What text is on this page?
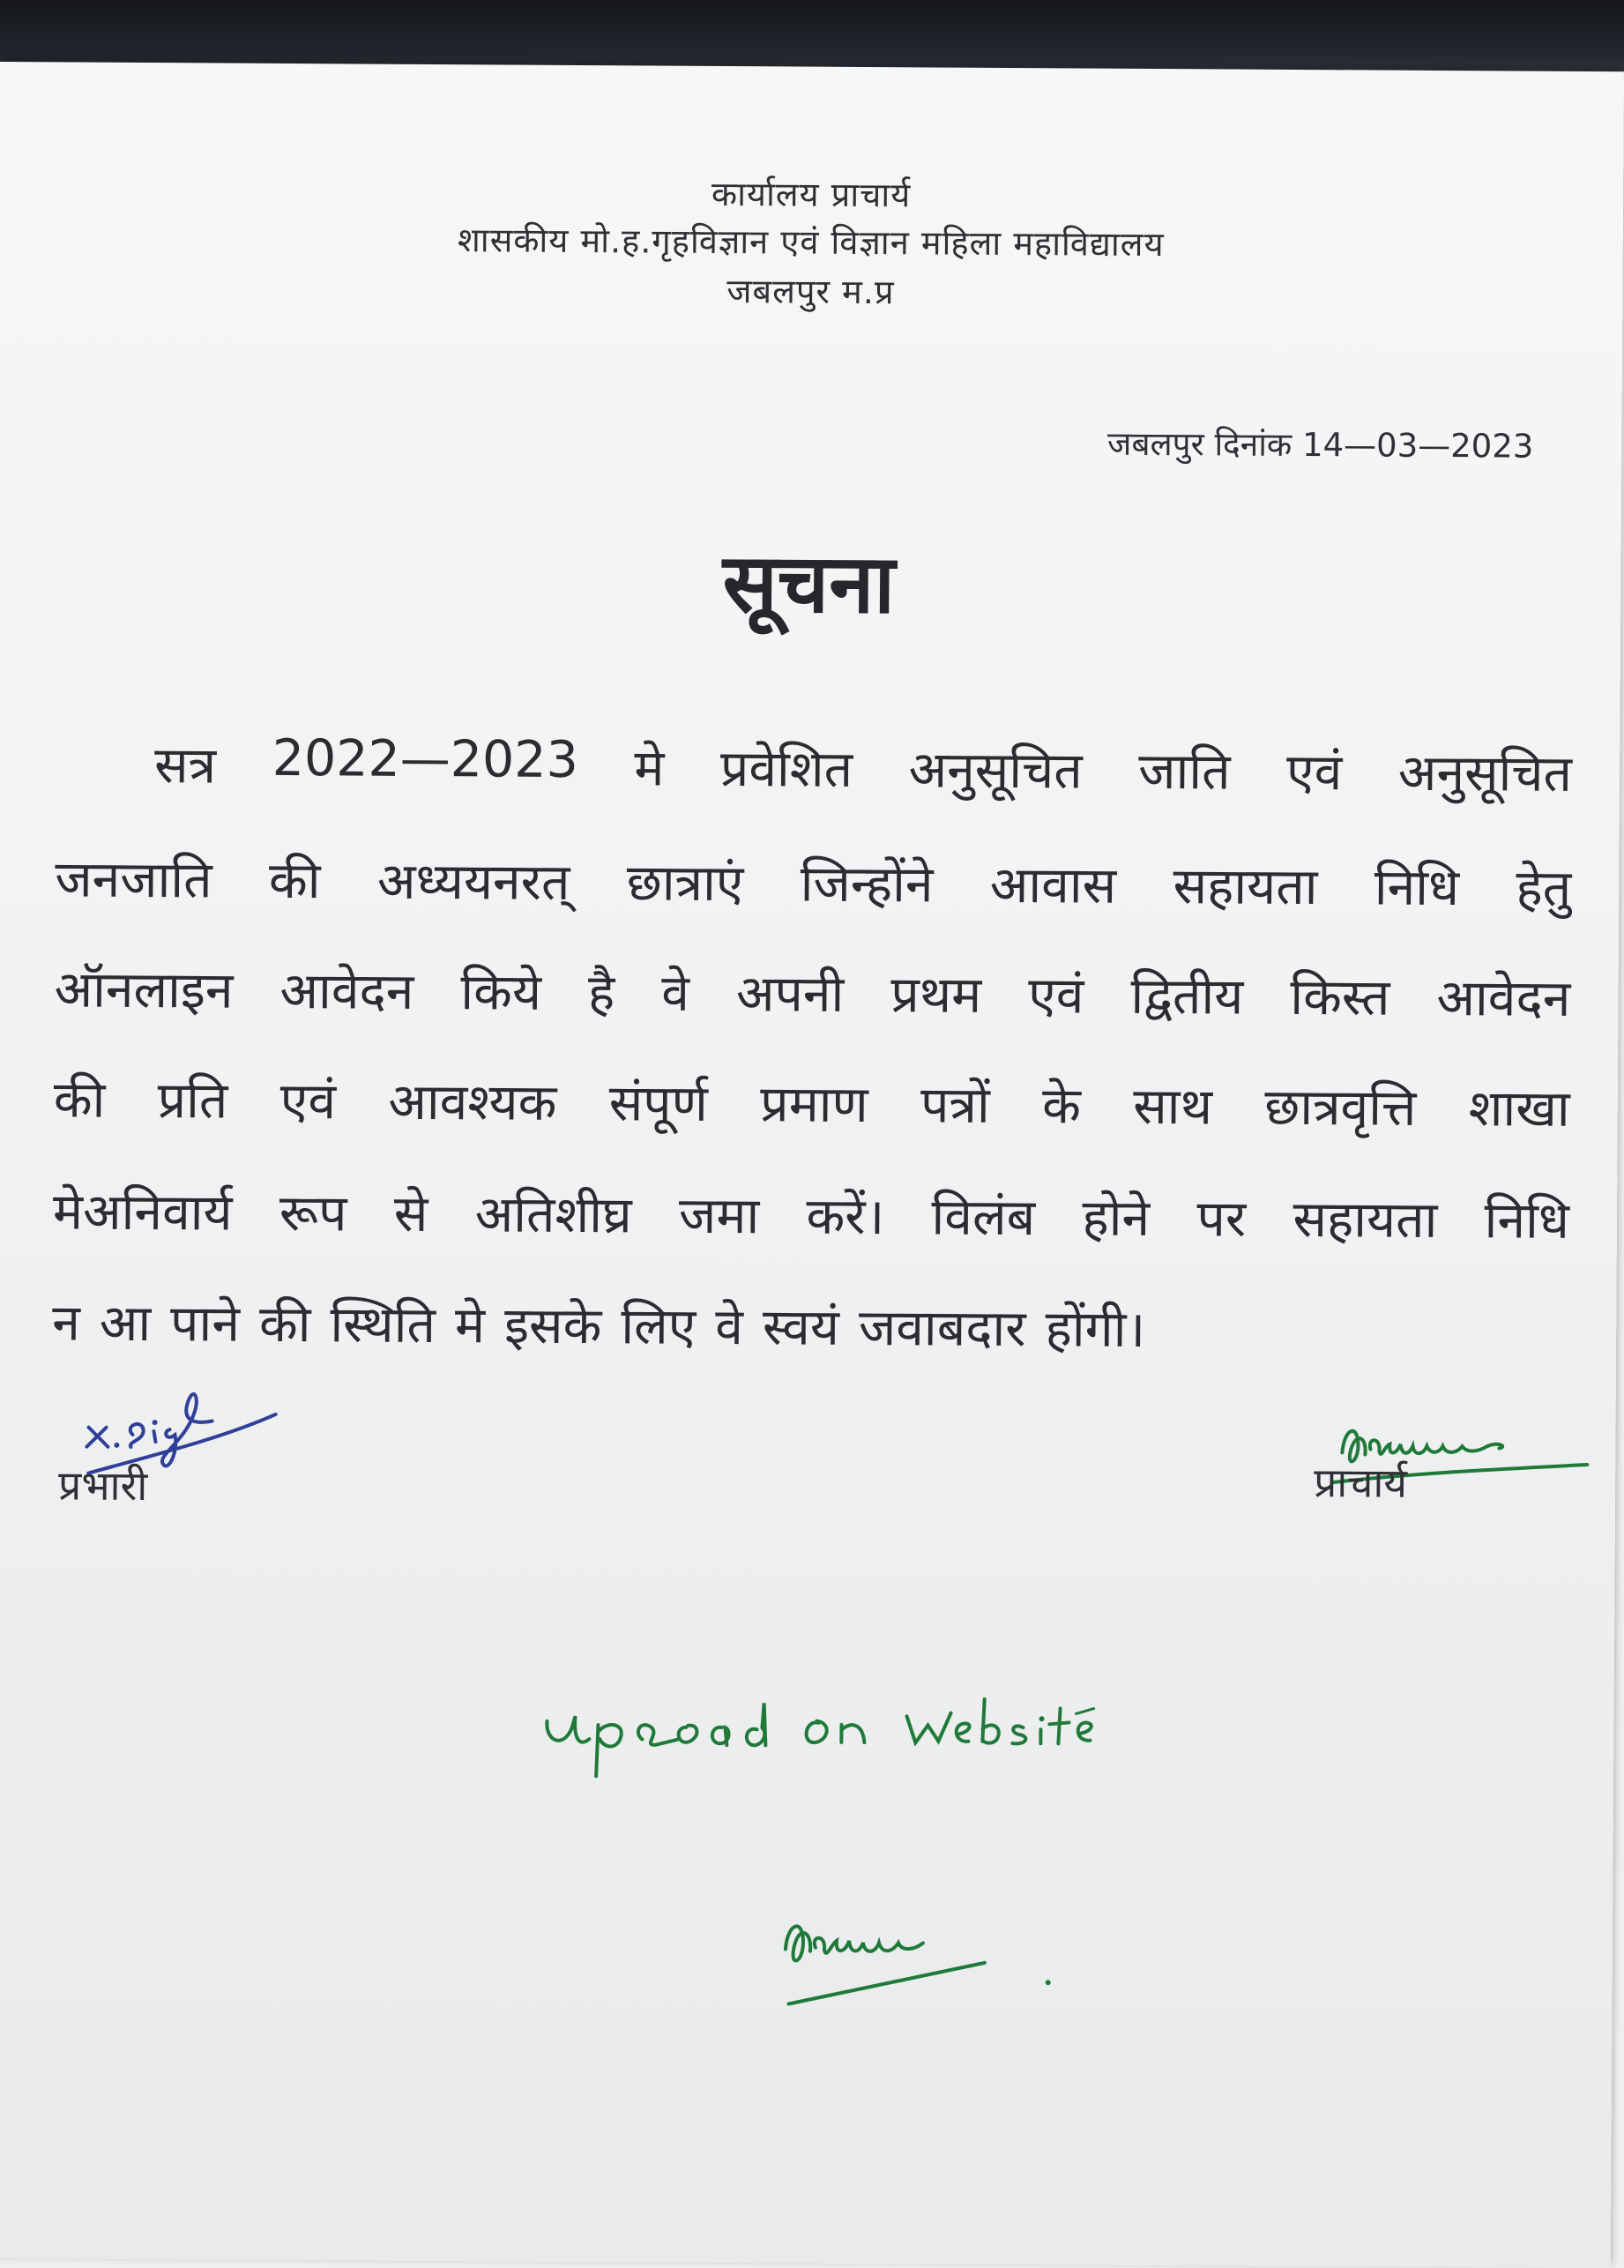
कार्यालय प्राचार्य
शासकीय मो.ह.गृहविज्ञान एवं विज्ञान महिला महाविद्यालय
जबलपुर म.प्र
जबलपुर दिनांक 14—03—2023
सूचना
सत्र 2022—2023 मे प्रवेशित अनुसूचित जाति एवं अनुसूचित
जनजाति की अध्ययनरत् छात्राएं जिन्होंने आवास सहायता निधि हेतु
ऑनलाइन आवेदन किये है वे अपनी प्रथम एवं द्वितीय किस्त आवेदन
की प्रति एवं आवश्यक संपूर्ण प्रमाण पत्रों के साथ छात्रवृत्ति शाखा
मेअनिवार्य रूप से अतिशीघ्र जमा करें। विलंब होने पर सहायता निधि
न आ पाने की स्थिति मे इसके लिए वे स्वयं जवाबदार होंगी।
प्रभारी	प्राचार्य
